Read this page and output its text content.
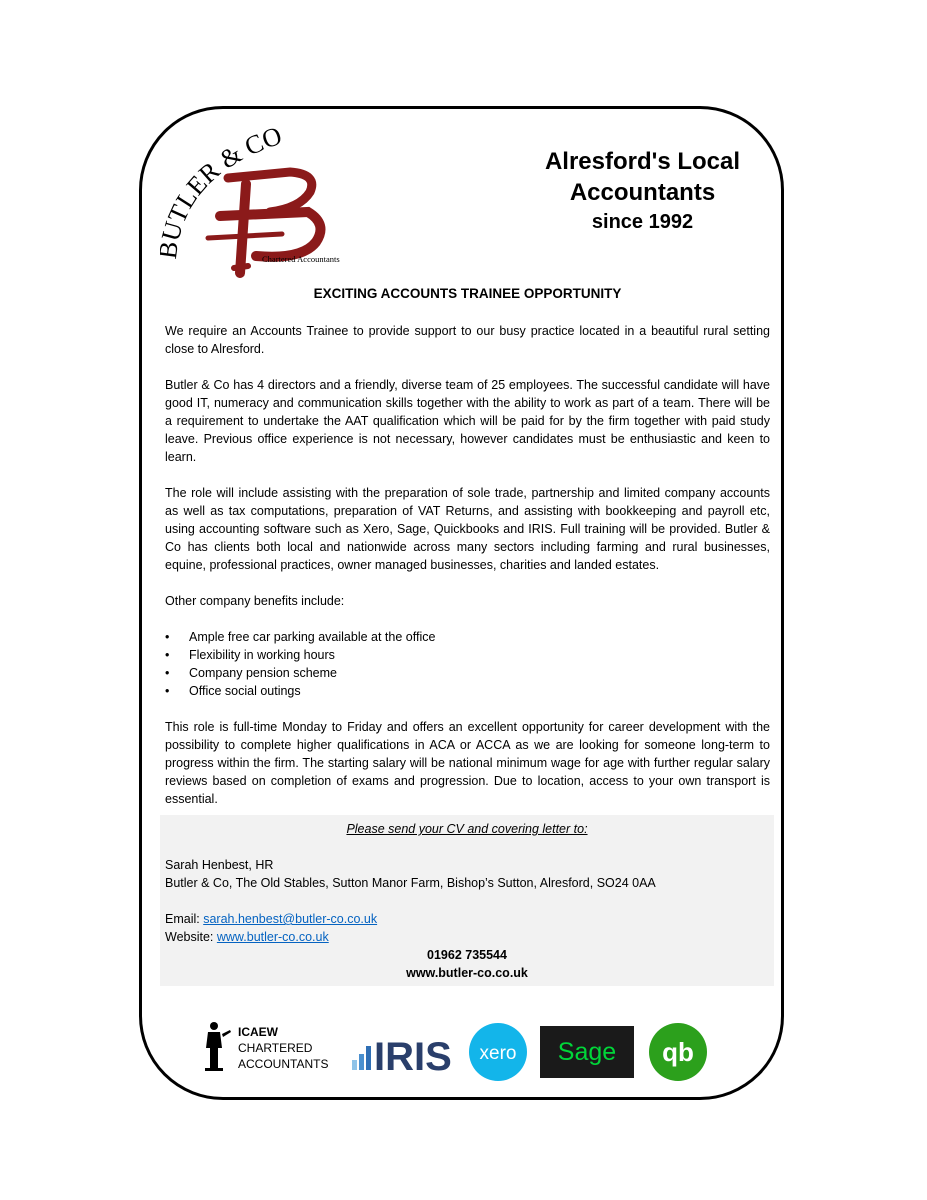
TLER & CO
Chartered Accountants
Alresford's Local
Accountants
since 1992
EXCITING ACCOUNTS TRAINEE OPPORTUNITY

We require an Accounts Trainee to provide support to our busy practice located in a beautiful rural setting close to Alresford.

Butler & Co has 4 directors and a friendly, diverse team of 25 employees. The successful candidate will have good IT, numeracy and communication skills together with the ability to work as part of a team. There will be a requirement to undertake the AAT qualification which will be paid for by the firm together with paid study leave. Previous office experience is not necessary, however candidates must be enthusiastic and keen to learn.

The role will include assisting with the preparation of sole trade, partnership and limited company accounts as well as tax computations, preparation of VAT Returns, and assisting with bookkeeping and payroll etc, using accounting software such as Xero, Sage, Quickbooks and IRIS. Full training will be provided. Butler & Co has clients both local and nationwide across many sectors including farming and rural businesses, equine, professional practices, owner managed businesses, charities and landed estates.

Other company benefits include:

• Ample free car parking available at the office
• Flexibility in working hours
• Company pension scheme
• Office social outings

This role is full-time Monday to Friday and offers an excellent opportunity for career development with the possibility to complete higher qualifications in ACA or ACCA as we are looking for someone long-term to progress within the firm. The starting salary will be national minimum wage for age with further regular salary reviews based on completion of exams and progression. Due to location, access to your own transport is essential.

Please send your CV and covering letter to:
Sarah Henbest, HR
Butler & Co, The Old Stables, Sutton Manor Farm, Bishop’s Sutton, Alresford, SO24 0AA
Email: sarah.henbest@butler-co.co.uk
Website: www.butler-co.co.uk
01962 735544
www.butler-co.co.uk
ICAEW
CHARTERED
ACCOUNTANTS IRIS xero Sage qb
